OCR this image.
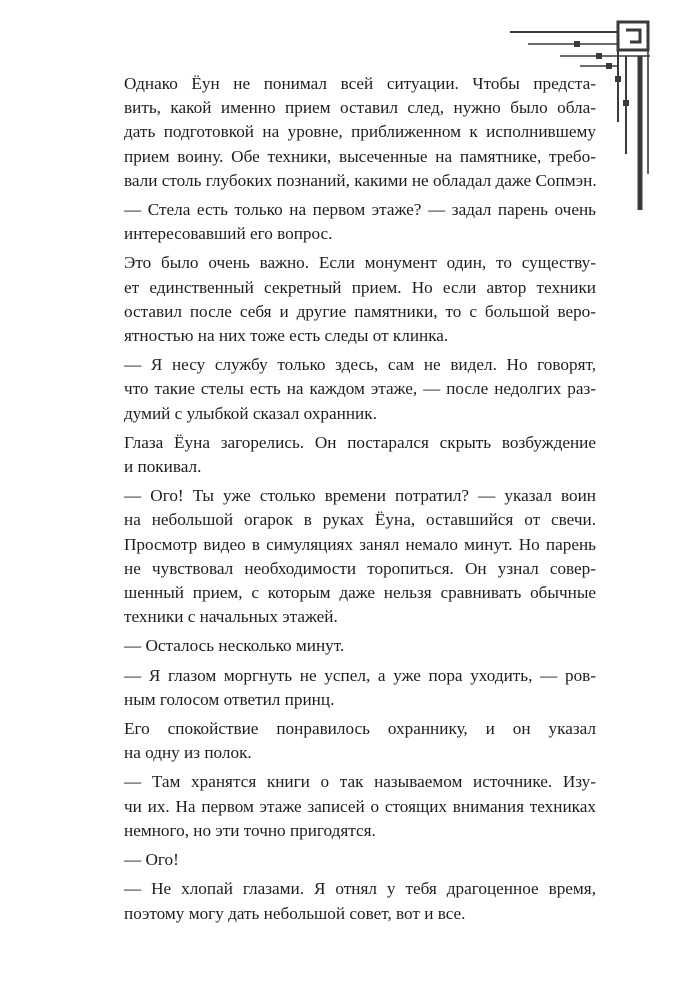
Однако Ёун не понимал всей ситуации. Чтобы предста-
вить, какой именно прием оставил след, нужно было обла-
дать подготовкой на уровне, приближенном к исполнившему
прием воину. Обе техники, высеченные на памятнике, требо-
вали столь глубоких познаний, какими не обладал даже Сопмэн.

— Стела есть только на первом этаже? — задал парень очень
интересовавший его вопрос.

Это было очень важно. Если монумент один, то существу-
ет единственный секретный прием. Но если автор техники
оставил после себя и другие памятники, то с большой веро-
ятностью на них тоже есть следы от клинка.

— Я несу службу только здесь, сам не видел. Но говорят,
что такие стелы есть на каждом этаже, — после недолгих раз-
думий с улыбкой сказал охранник.

Глаза Ёуна загорелись. Он постарался скрыть возбуждение
и покивал.

— Ого! Ты уже столько времени потратил? — указал воин
на небольшой огарок в руках Ёуна, оставшийся от свечи.
Просмотр видео в симуляциях занял немало минут. Но парень
не чувствовал необходимости торопиться. Он узнал совер-
шенный прием, с которым даже нельзя сравнивать обычные
техники с начальных этажей.

— Осталось несколько минут.

— Я глазом моргнуть не успел, а уже пора уходить, — ров-
ным голосом ответил принц.

Его спокойствие понравилось охраннику, и он указал
на одну из полок.

— Там хранятся книги о так называемом источнике. Изу-
чи их. На первом этаже записей о стоящих внимания техниках
немного, но эти точно пригодятся.

— Ого!

— Не хлопай глазами. Я отнял у тебя драгоценное время,
поэтому могу дать небольшой совет, вот и все.
